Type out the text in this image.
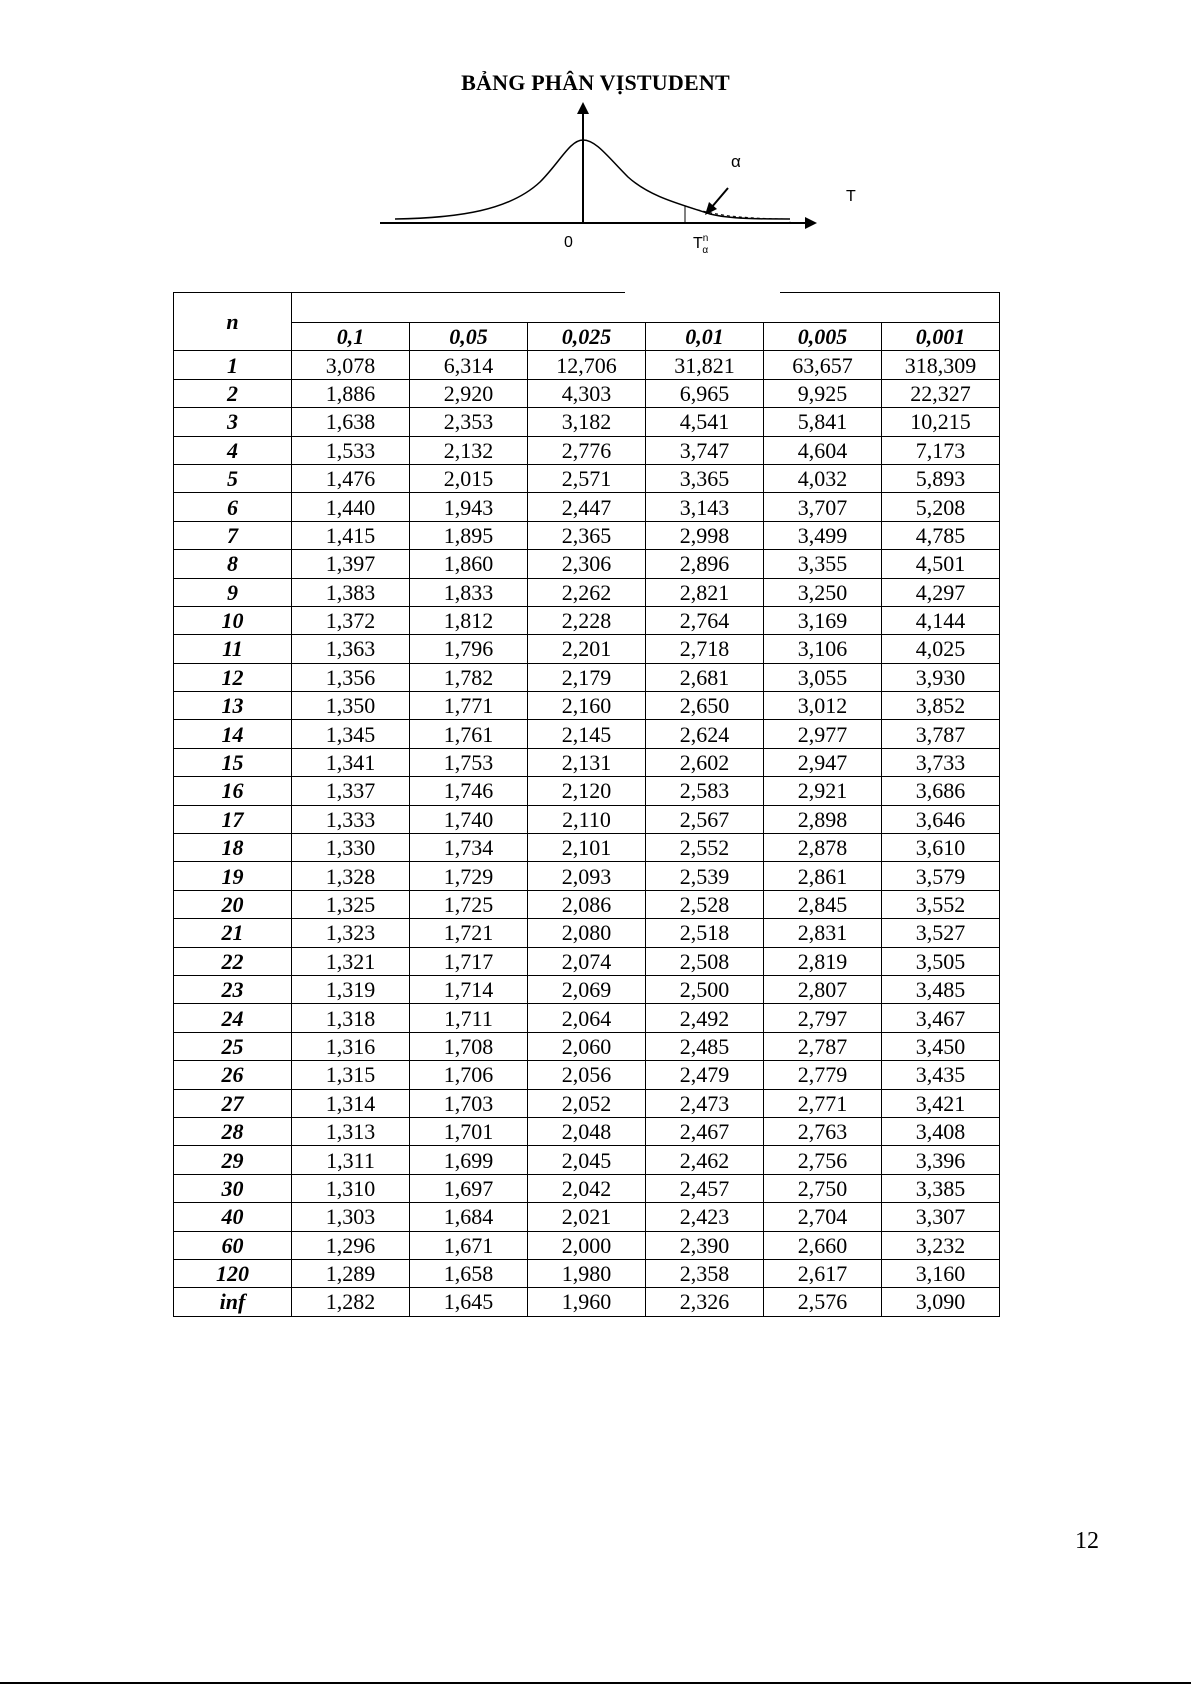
BẢNG PHÂN VỊSTUDENT
α
T
0	$T^n_\alpha$
n						

	0,1	0,05	0,025	0,01	0,005	0,001
1	3,078	6,314	12,706	31,821	63,657	318,309
2	1,886	2,920	4,303	6,965	9,925	22,327
3	1,638	2,353	3,182	4,541	5,841	10,215
4	1,533	2,132	2,776	3,747	4,604	7,173
5	1,476	2,015	2,571	3,365	4,032	5,893
6	1,440	1,943	2,447	3,143	3,707	5,208
7	1,415	1,895	2,365	2,998	3,499	4,785
8	1,397	1,860	2,306	2,896	3,355	4,501
9	1,383	1,833	2,262	2,821	3,250	4,297
10	1,372	1,812	2,228	2,764	3,169	4,144
11	1,363	1,796	2,201	2,718	3,106	4,025
12	1,356	1,782	2,179	2,681	3,055	3,930
13	1,350	1,771	2,160	2,650	3,012	3,852
14	1,345	1,761	2,145	2,624	2,977	3,787
15	1,341	1,753	2,131	2,602	2,947	3,733
16	1,337	1,746	2,120	2,583	2,921	3,686
17	1,333	1,740	2,110	2,567	2,898	3,646
18	1,330	1,734	2,101	2,552	2,878	3,610
19	1,328	1,729	2,093	2,539	2,861	3,579
20	1,325	1,725	2,086	2,528	2,845	3,552
21	1,323	1,721	2,080	2,518	2,831	3,527
22	1,321	1,717	2,074	2,508	2,819	3,505
23	1,319	1,714	2,069	2,500	2,807	3,485
24	1,318	1,711	2,064	2,492	2,797	3,467
25	1,316	1,708	2,060	2,485	2,787	3,450
26	1,315	1,706	2,056	2,479	2,779	3,435
27	1,314	1,703	2,052	2,473	2,771	3,421
28	1,313	1,701	2,048	2,467	2,763	3,408
29	1,311	1,699	2,045	2,462	2,756	3,396
30	1,310	1,697	2,042	2,457	2,750	3,385
40	1,303	1,684	2,021	2,423	2,704	3,307
60	1,296	1,671	2,000	2,390	2,660	3,232
120	1,289	1,658	1,980	2,358	2,617	3,160
inf	1,282	1,645	1,960	2,326	2,576	3,090
12
